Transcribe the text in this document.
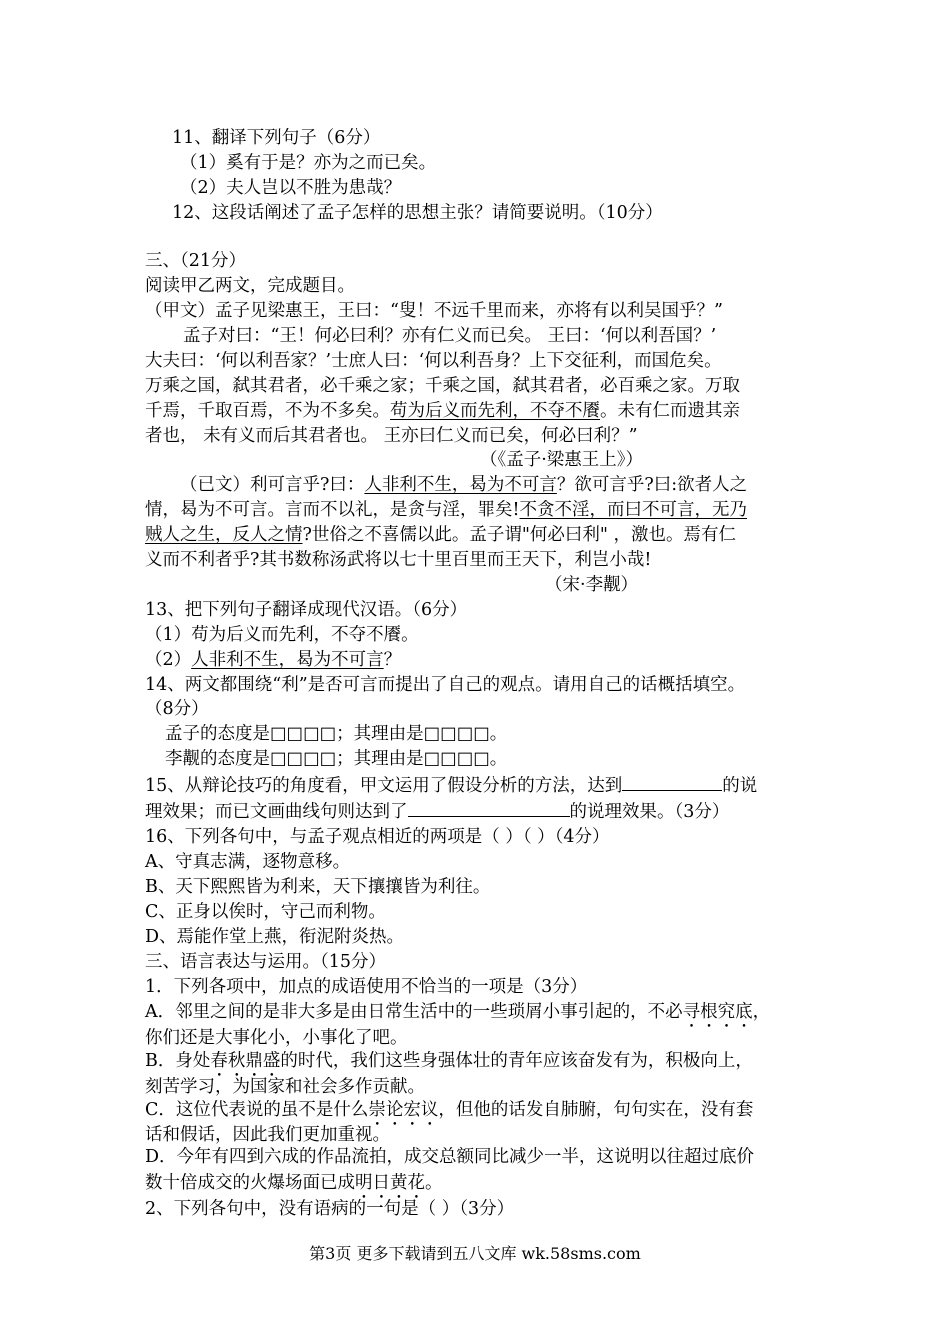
11、翻译下列句子（6分）
（1）奚有于是？亦为之而已矣。
（2）夫人岂以不胜为患哉？
12、这段话阐述了孟子怎样的思想主张？请简要说明。（10分）
三、（21分）
阅读甲乙两文，完成题目。
（甲文）孟子见梁惠王，王曰：“叟！不远千里而来，亦将有以利吴国乎？”
孟子对曰：“王！何必曰利？亦有仁义而已矣。 王曰：‘何以利吾国？’
大夫曰：‘何以利吾家？’士庶人曰：‘何以利吾身？上下交征利，而国危矣。
万乘之国，弑其君者，必千乘之家；千乘之国，弑其君者，必百乘之家。万取
千焉，千取百焉，不为不多矣。苟为后义而先利，不夺不餍。未有仁而遗其亲
者也， 未有义而后其君者也。 王亦曰仁义而已矣，何必曰利？”
（《孟子·梁惠王上》）
（已文）利可言乎?曰：人非利不生，曷为不可言？欲可言乎?曰:欲者人之
情，曷为不可言。言而不以礼，是贪与淫，罪矣!不贪不淫，而曰不可言，无乃
贼人之生，反人之情?世俗之不喜儒以此。孟子谓"何必曰利" ，激也。焉有仁
义而不利者乎?其书数称汤武将以七十里百里而王天下，利岂小哉!
（宋·李觏）
13、把下列句子翻译成现代汉语。（6分）
（1）苟为后义而先利，不夺不餍。
（2）人非利不生，曷为不可言？
14、两文都围绕“利”是否可言而提出了自己的观点。请用自己的话概括填空。
（8分）
孟子的态度是□□□□；其理由是□□□□。
李觏的态度是□□□□；其理由是□□□□。
15、从辩论技巧的角度看，甲文运用了假设分析的方法，达到	的说
理效果；而已文画曲线句则达到了	的说理效果。（3分）
16、下列各句中，与孟子观点相近的两项是（ ）（ ）（4分）
A、守真志满，逐物意移。
B、天下熙熙皆为利来，天下攘攘皆为利往。
C、正身以俟时，守己而利物。
D、焉能作堂上燕，衔泥附炎热。
三、语言表达与运用。（15分）
1．下列各项中，加点的成语使用不恰当的一项是（3分）
A．邻里之间的是非大多是由日常生活中的一些琐屑小事引起的，不必寻根究底，
你们还是大事化小，小事化了吧。
B．身处春秋鼎盛的时代，我们这些身强体壮的青年应该奋发有为，积极向上，
刻苦学习，为国家和社会多作贡献。
C．这位代表说的虽不是什么崇论宏议，但他的话发自肺腑，句句实在，没有套
话和假话，因此我们更加重视。
D．今年有四到六成的作品流拍，成交总额同比减少一半，这说明以往超过底价
数十倍成交的火爆场面已成明日黄花。
2、下列各句中，没有语病的一句是（ ）（3分）
第3页 更多下载请到五八文库 wk.58sms.com
